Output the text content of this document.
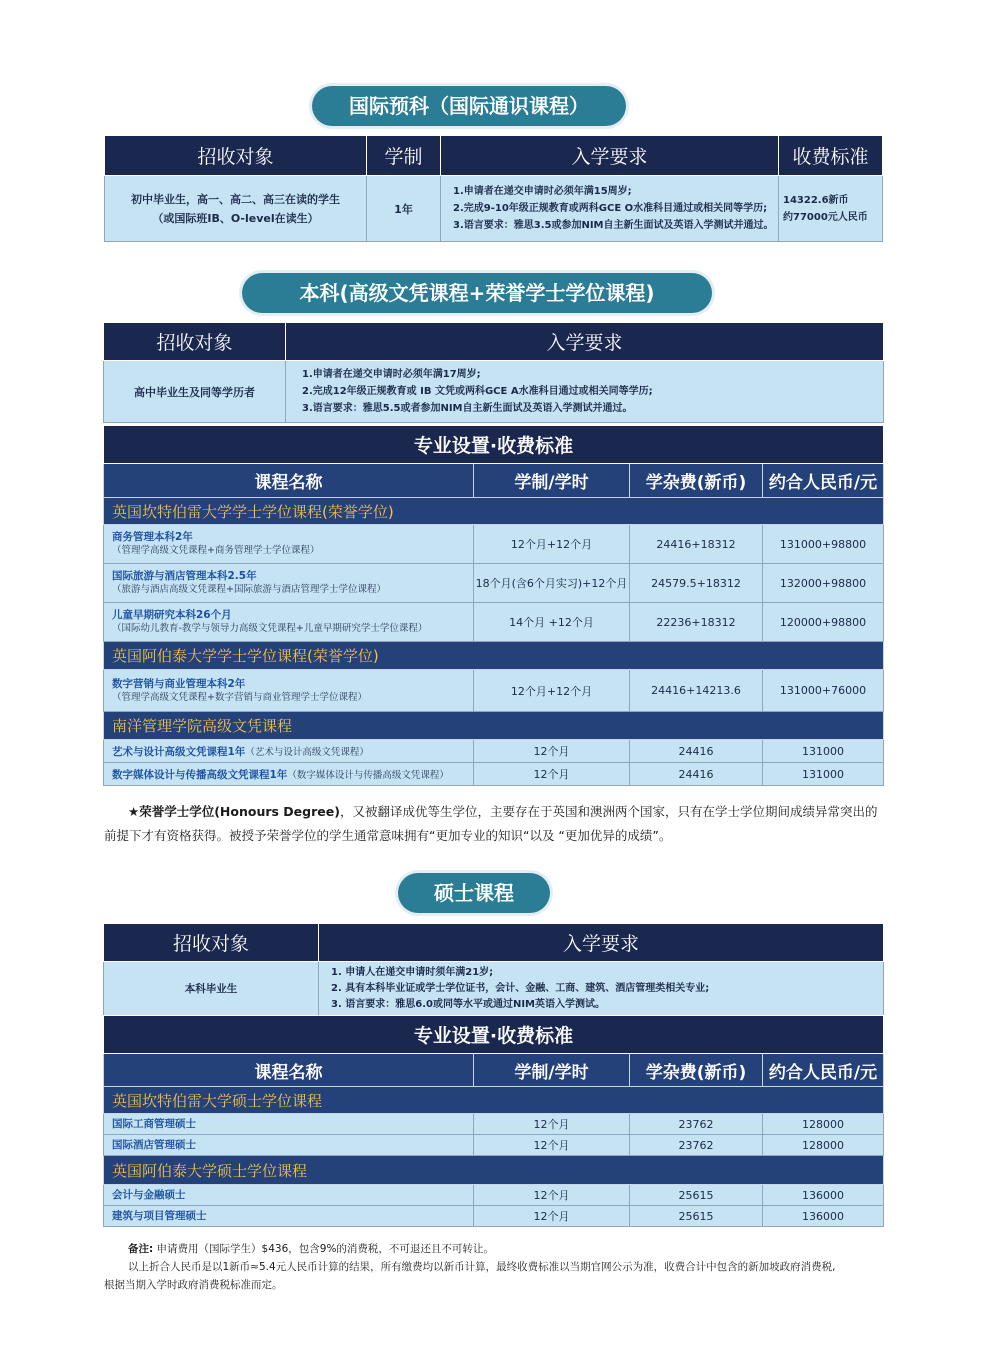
国际预科（国际通识课程）
招收对象	学制	入学要求	收费标准

初中毕业生，高一、高二、高三在读的学生
（或国际班IB、O-level在读生）	1年	1.申请者在递交申请时必须年满15周岁;
2.完成9-10年级正规教育或两科GCE O水准科目通过或相关同等学历;
3.语言要求：雅思3.5或参加NIM自主新生面试及英语入学测试并通过。	14322.6新币
约77000元人民币
本科(高级文凭课程+荣誉学士学位课程)
招收对象	入学要求
高中毕业生及同等学历者	1.申请者在递交申请时必须年满17周岁;
2.完成12年级正规教育或 IB 文凭或两科GCE A水准科目通过或相关同等学历;
3.语言要求：雅思5.5或者参加NIM自主新生面试及英语入学测试并通过。
专业设置·收费标准			
课程名称	学制/学时	学杂费(新币)	约合人民币/元
英国坎特伯雷大学学士学位课程(荣誉学位)			

商务管理本科2年
（管理学高级文凭课程+商务管理学士学位课程）	12个月+12个月	24416+18312	131000+98800

国际旅游与酒店管理本科2.5年
（旅游与酒店高级文凭课程+国际旅游与酒店管理学士学位课程）	18个月(含6个月实习)+12个月	24579.5+18312	132000+98800

儿童早期研究本科26个月
（国际幼儿教育-教学与领导力高级文凭课程+儿童早期研究学士学位课程）	14个月 +12个月	22236+18312	120000+98800
英国阿伯泰大学学士学位课程(荣誉学位)			

数字营销与商业管理本科2年
（管理学高级文凭课程+数字营销与商业管理学士学位课程）	12个月+12个月	24416+14213.6	131000+76000
南洋管理学院高级文凭课程			
艺术与设计高级文凭课程1年（艺术与设计高级文凭课程）	12个月	24416	131000
数字媒体设计与传播高级文凭课程1年（数字媒体设计与传播高级文凭课程）	12个月	24416	131000
★荣誉学士学位(Honours Degree)，又被翻译成优等生学位，主要存在于英国和澳洲两个国家，只有在学士学位期间成绩异常突出的前提下才有资格获得。被授予荣誉学位的学生通常意味拥有“更加专业的知识“以及 “更加优异的成绩”。
硕士课程
招收对象	入学要求
本科毕业生	1. 申请人在递交申请时须年满21岁;
2. 具有本科毕业证或学士学位证书，会计、金融、工商、建筑、酒店管理类相关专业;
3. 语言要求：雅思6.0或同等水平或通过NIM英语入学测试。
专业设置·收费标准			
课程名称	学制/学时	学杂费(新币)	约合人民币/元
英国坎特伯雷大学硕士学位课程			

国际工商管理硕士	12个月	23762	128000

国际酒店管理硕士	12个月	23762	128000
英国阿伯泰大学硕士学位课程			

会计与金融硕士	12个月	25615	136000

建筑与项目管理硕士	12个月	25615	136000
备注: 申请费用（国际学生）$436，包含9%的消费税，不可退还且不可转让。
以上折合人民币是以1新币≈5.4元人民币计算的结果，所有缴费均以新币计算，最终收费标准以当期官网公示为准，收费合计中包含的新加坡政府消费税,
根据当期入学时政府消费税标准而定。
